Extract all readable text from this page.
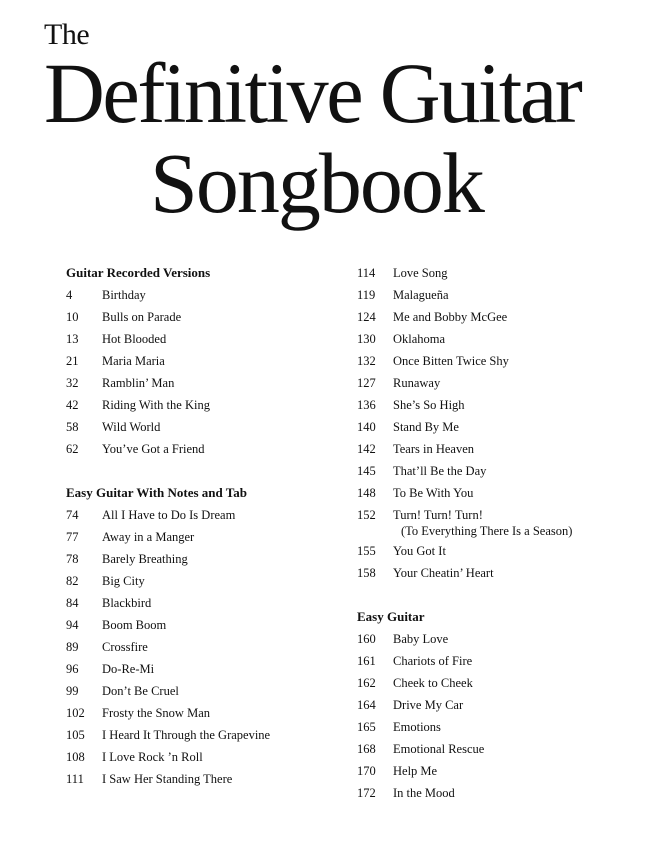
The
Definitive Guitar
Songbook
Guitar Recorded Versions
4	Birthday
10	Bulls on Parade
13	Hot Blooded
21	Maria Maria
32	Ramblin’ Man
42	Riding With the King
58	Wild World
62	You’ve Got a Friend
Easy Guitar With Notes and Tab
74	All I Have to Do Is Dream
77	Away in a Manger
78	Barely Breathing
82	Big City
84	Blackbird
94	Boom Boom
89	Crossfire
96	Do-Re-Mi
99	Don’t Be Cruel
102	Frosty the Snow Man
105	I Heard It Through the Grapevine
108	I Love Rock ’n Roll
111	I Saw Her Standing There
114	Love Song
119	Malagueña
124	Me and Bobby McGee
130	Oklahoma
132	Once Bitten Twice Shy
127	Runaway
136	She’s So High
140	Stand By Me
142	Tears in Heaven
145	That’ll Be the Day
148	To Be With You
152	Turn! Turn! Turn!
(To Everything There Is a Season)
155	You Got It
158	Your Cheatin’ Heart
Easy Guitar
160	Baby Love
161	Chariots of Fire
162	Cheek to Cheek
164	Drive My Car
165	Emotions
168	Emotional Rescue
170	Help Me
172	In the Mood
